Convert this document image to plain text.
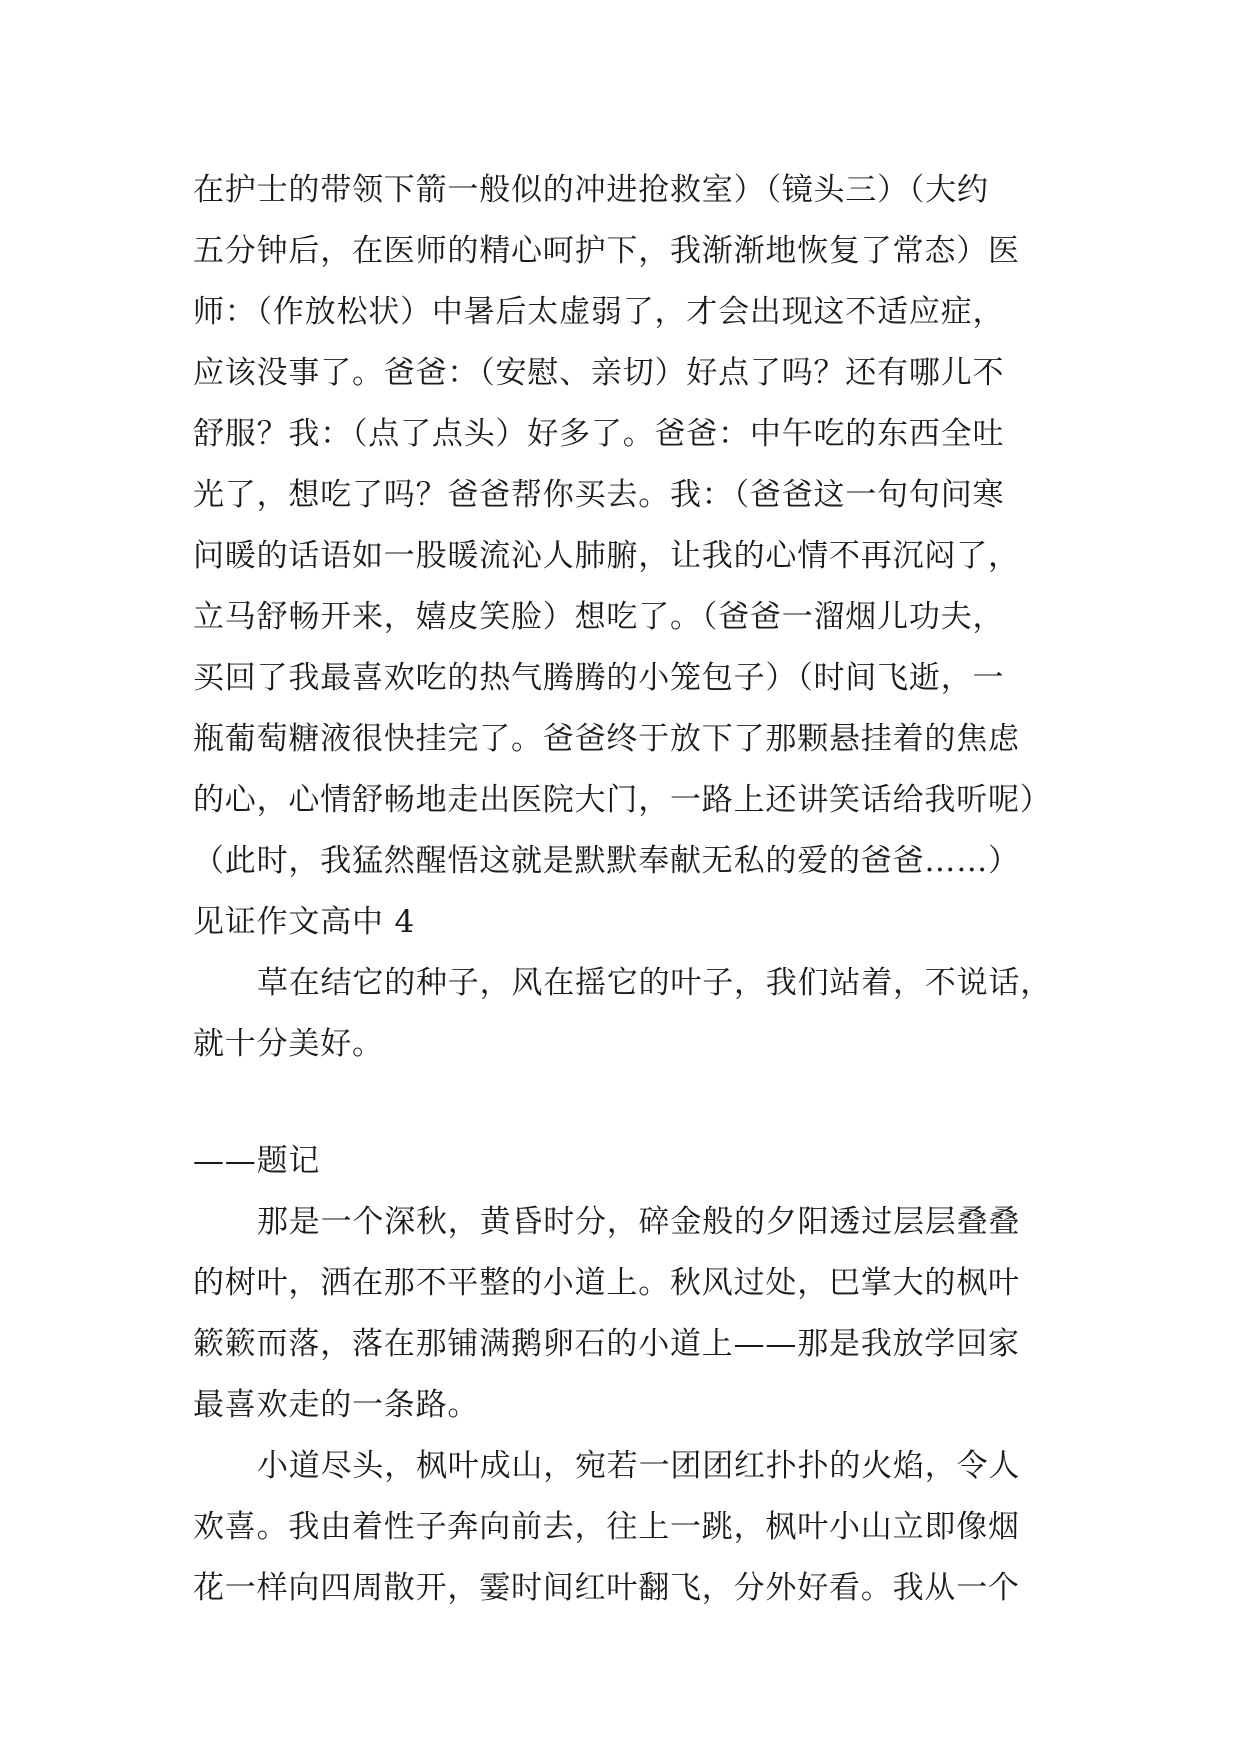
在护士的带领下箭一般似的冲进抢救室）（镜头三）（大约
五分钟后，在医师的精心呵护下，我渐渐地恢复了常态）医
师：（作放松状）中暑后太虚弱了，才会出现这不适应症，
应该没事了。爸爸：（安慰、亲切）好点了吗？还有哪儿不
舒服？我：（点了点头）好多了。爸爸：中午吃的东西全吐
光了，想吃了吗？爸爸帮你买去。我：（爸爸这一句句问寒
问暖的话语如一股暖流沁人肺腑，让我的心情不再沉闷了，
立马舒畅开来，嬉皮笑脸）想吃了。（爸爸一溜烟儿功夫，
买回了我最喜欢吃的热气腾腾的小笼包子）（时间飞逝，一
瓶葡萄糖液很快挂完了。爸爸终于放下了那颗悬挂着的焦虑
的心，心情舒畅地走出医院大门，一路上还讲笑话给我听呢）
（此时，我猛然醒悟这就是默默奉献无私的爱的爸爸……）
见证作文高中 4
草在结它的种子，风在摇它的叶子，我们站着，不说话，
就十分美好。
——题记
那是一个深秋，黄昏时分，碎金般的夕阳透过层层叠叠
的树叶，洒在那不平整的小道上。秋风过处，巴掌大的枫叶
簌簌而落，落在那铺满鹅卵石的小道上——那是我放学回家
最喜欢走的一条路。
小道尽头，枫叶成山，宛若一团团红扑扑的火焰，令人
欢喜。我由着性子奔向前去，往上一跳，枫叶小山立即像烟
花一样向四周散开，霎时间红叶翻飞，分外好看。我从一个
